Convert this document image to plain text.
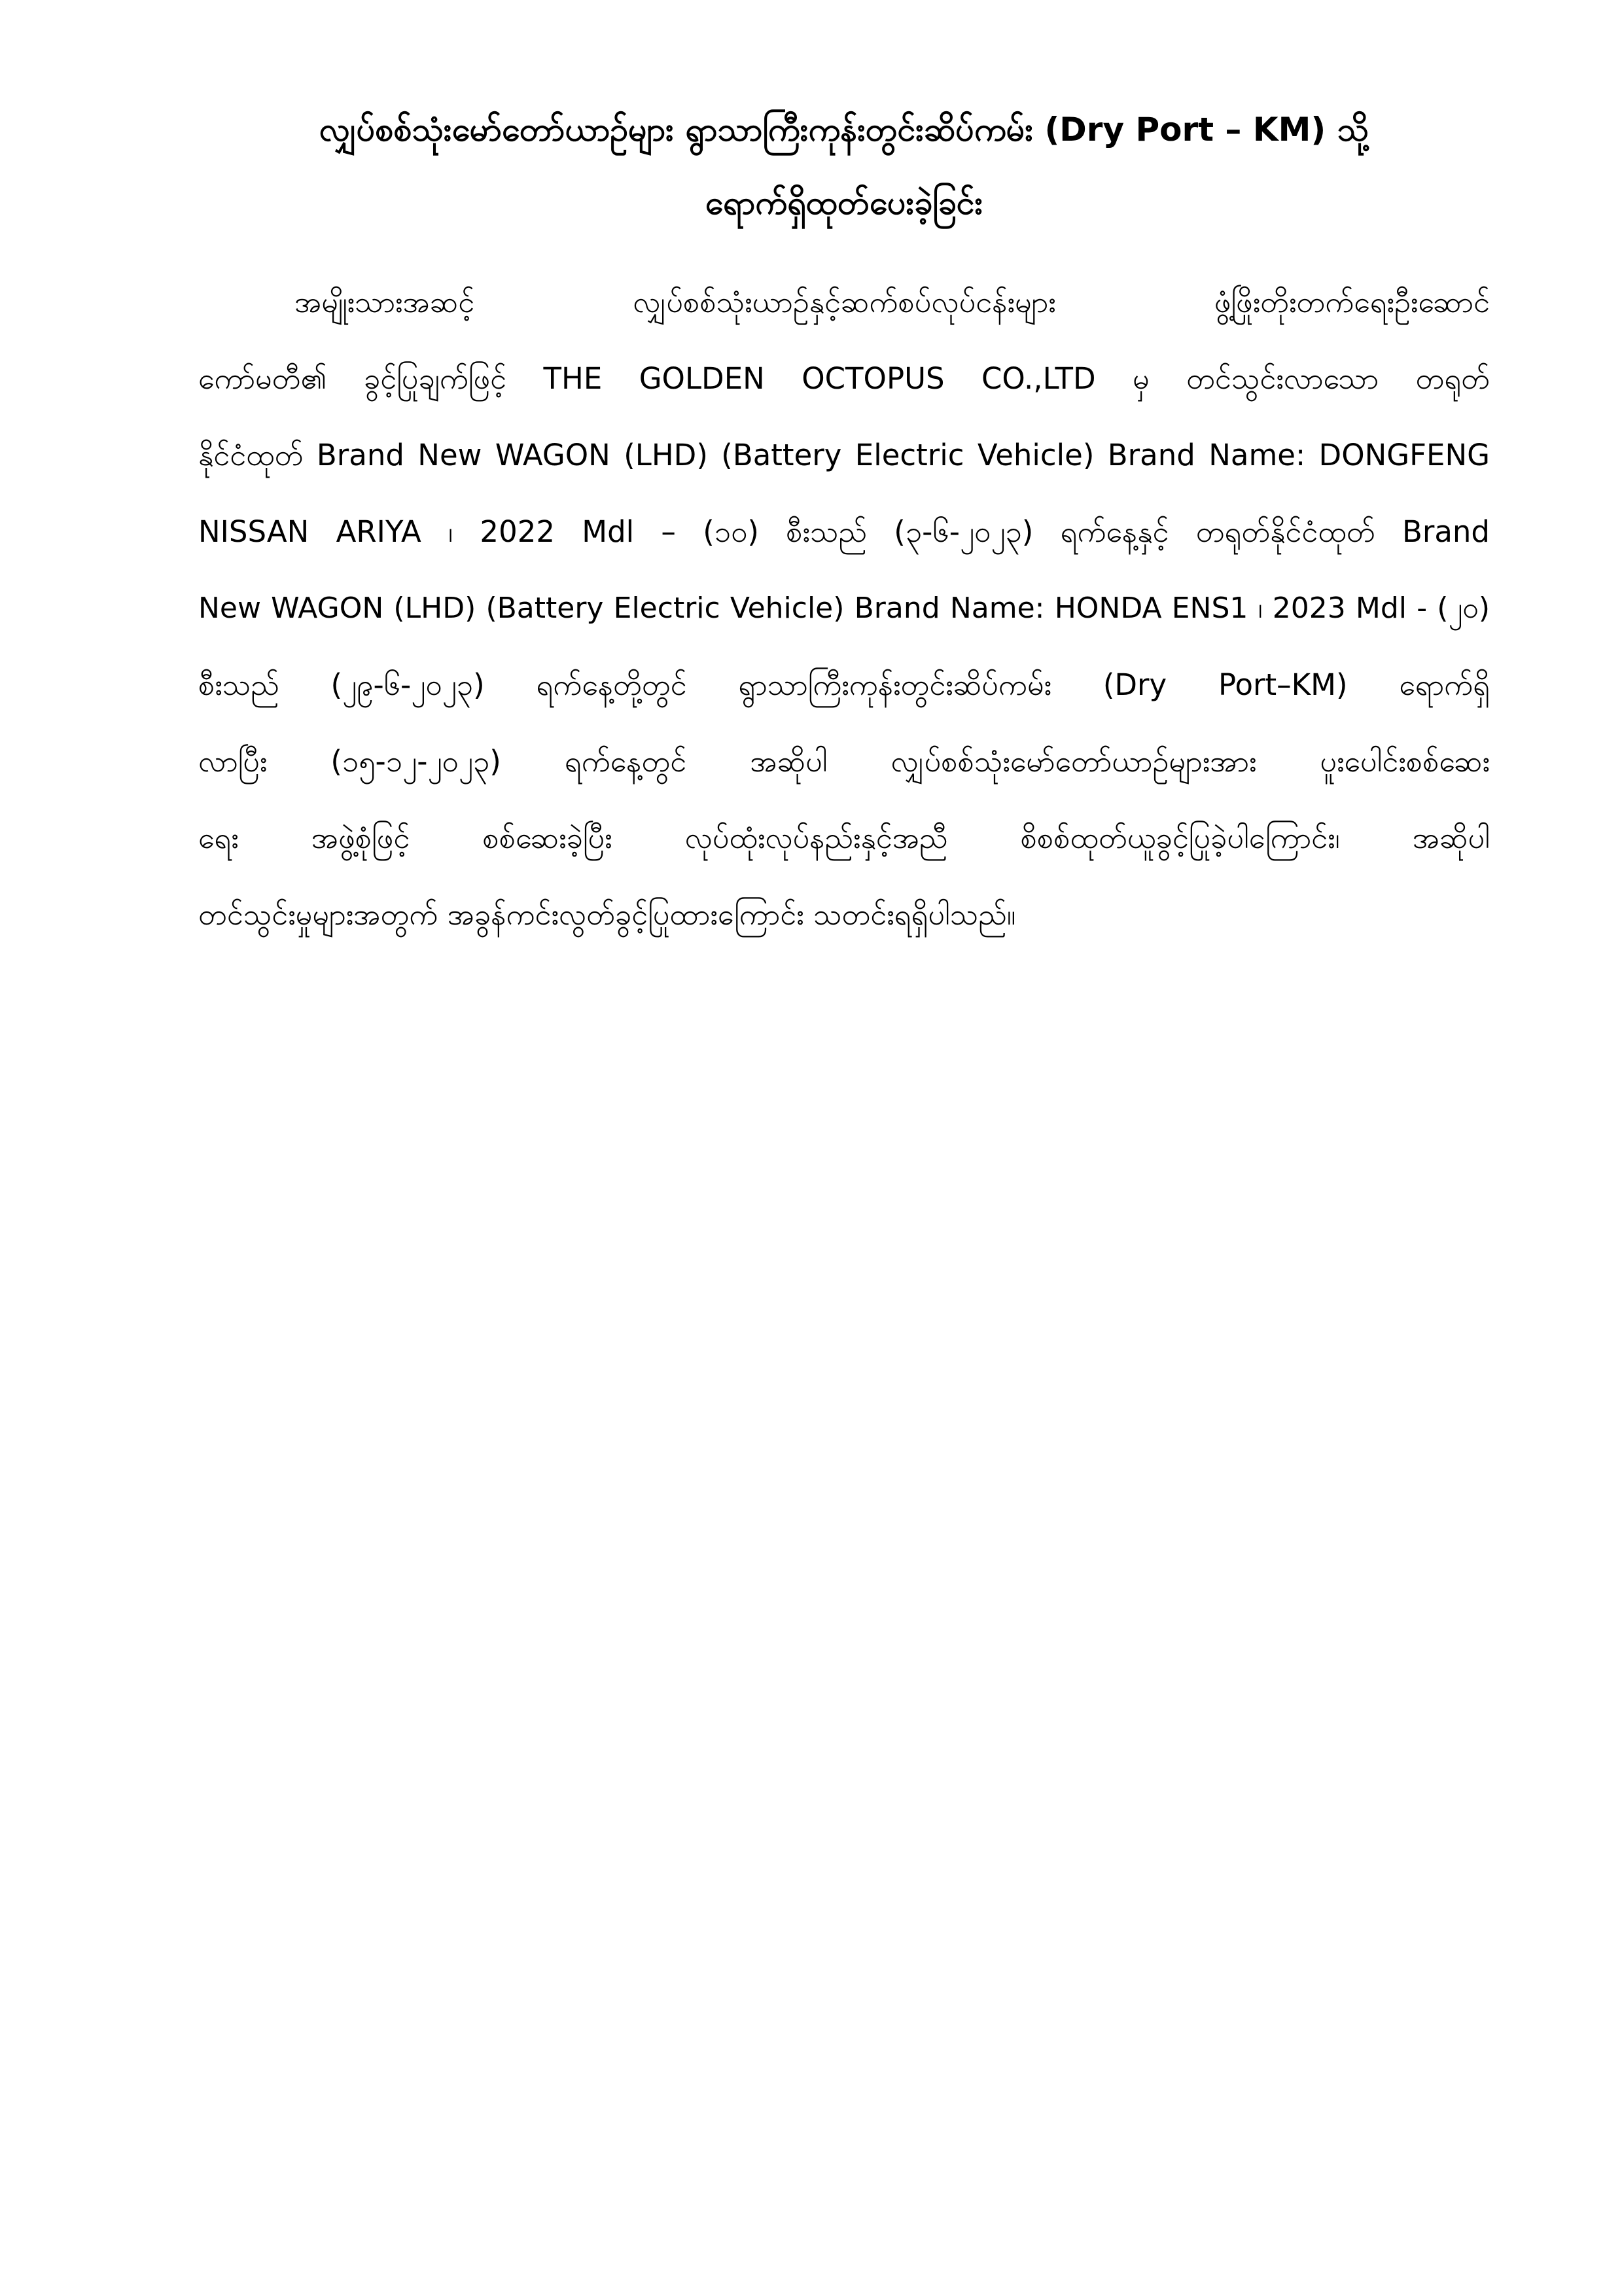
လျှပ်စစ်သုံးမော်တော်ယာဉ်များ ရွာသာကြီးကုန်းတွင်းဆိပ်ကမ်း (Dry Port – KM) သို့
ရောက်ရှိထုတ်ပေးခဲ့ခြင်း
အမျိုးသားအဆင့် လျှပ်စစ်သုံးယာဉ်နှင့်ဆက်စပ်လုပ်ငန်းများ ဖွံ့ဖြိုးတိုးတက်ရေးဦးဆောင်
ကော်မတီ၏ ခွင့်ပြုချက်ဖြင့် THE GOLDEN OCTOPUS CO.,LTD မှ တင်သွင်းလာသော တရုတ်
နိုင်ငံထုတ် Brand New WAGON (LHD) (Battery Electric Vehicle) Brand Name: DONGFENG
NISSAN ARIYA ၊ 2022 Mdl – (၁၀) စီးသည် (၃-၆-၂၀၂၃) ရက်နေ့နှင့် တရုတ်နိုင်ငံထုတ် Brand
New WAGON (LHD) (Battery Electric Vehicle) Brand Name: HONDA ENS1 ၊ 2023 Mdl - (၂၀)
စီးသည် (၂၉-၆-၂၀၂၃) ရက်နေ့တို့တွင် ရွာသာကြီးကုန်းတွင်းဆိပ်ကမ်း (Dry Port–KM) ရောက်ရှိ
လာပြီး (၁၅-၁၂-၂၀၂၃) ရက်နေ့တွင် အဆိုပါ လျှပ်စစ်သုံးမော်တော်ယာဉ်များအား ပူးပေါင်းစစ်ဆေး
ရေး အဖွဲ့စုံဖြင့် စစ်ဆေးခဲ့ပြီး လုပ်ထုံးလုပ်နည်းနှင့်အညီ စိစစ်ထုတ်ယူခွင့်ပြုခဲ့ပါကြောင်း၊ အဆိုပါ
တင်သွင်းမှုများအတွက် အခွန်ကင်းလွတ်ခွင့်ပြုထားကြောင်း သတင်းရရှိပါသည်။
